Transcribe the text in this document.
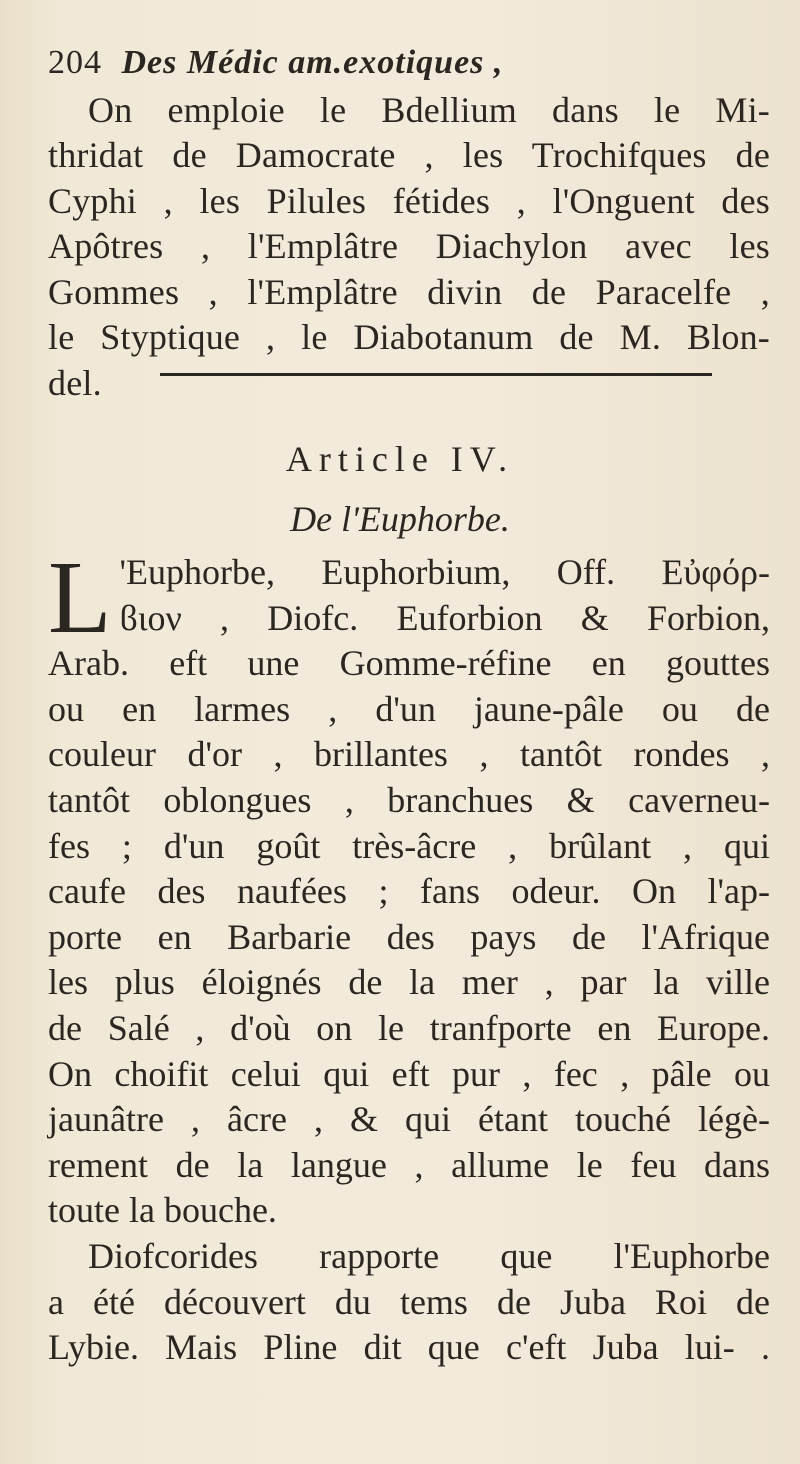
204 Des Médic am.exotiques ,
On emploie le Bdellium dans le Mi-
thridat de Damocrate , les Trochifques de
Cyphi , les Pilules fétides , l'Onguent des
Apôtres , l'Emplâtre Diachylon avec les
Gommes , l'Emplâtre divin de Paracelfe ,
le Styptique , le Diabotanum de M. Blon-
del.
Article IV.
De l'Euphorbe.
L 'Euphorbe, Euphorbium, Off. Εὐφόρ-
ϐιον , Diofc. Euforbion & Forbion,
Arab. eft une Gomme-réfine en gouttes
ou en larmes , d'un jaune-pâle ou de
couleur d'or , brillantes , tantôt rondes ,
tantôt oblongues , branchues & caverneu-
fes ; d'un goût très-âcre , brûlant , qui
caufe des naufées ; fans odeur. On l'ap-
porte en Barbarie des pays de l'Afrique
les plus éloignés de la mer , par la ville
de Salé , d'où on le tranfporte en Europe.
On choifit celui qui eft pur , fec , pâle ou
jaunâtre , âcre , & qui étant touché légè-
rement de la langue , allume le feu dans
toute la bouche.
Diofcorides rapporte que l'Euphorbe
a été découvert du tems de Juba Roi de
Lybie. Mais Pline dit que c'eft Juba lui- .
